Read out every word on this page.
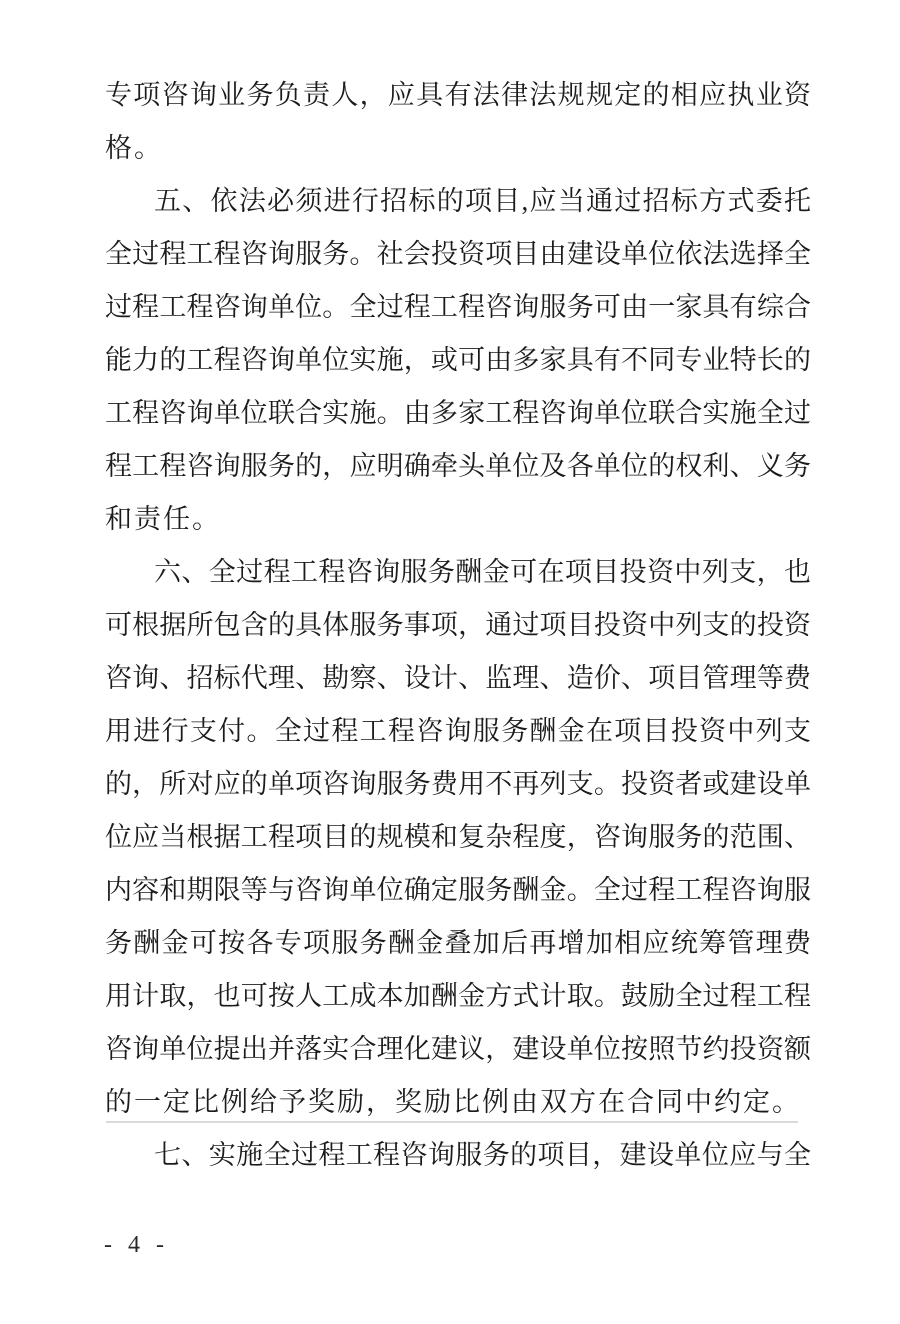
专项咨询业务负责人，应具有法律法规规定的相应执业资
格。
五、依法必须进行招标的项目,应当通过招标方式委托
全过程工程咨询服务。社会投资项目由建设单位依法选择全
过程工程咨询单位。全过程工程咨询服务可由一家具有综合
能力的工程咨询单位实施，或可由多家具有不同专业特长的
工程咨询单位联合实施。由多家工程咨询单位联合实施全过
程工程咨询服务的，应明确牵头单位及各单位的权利、义务
和责任。
六、全过程工程咨询服务酬金可在项目投资中列支，也
可根据所包含的具体服务事项，通过项目投资中列支的投资
咨询、招标代理、勘察、设计、监理、造价、项目管理等费
用进行支付。全过程工程咨询服务酬金在项目投资中列支
的，所对应的单项咨询服务费用不再列支。投资者或建设单
位应当根据工程项目的规模和复杂程度，咨询服务的范围、
内容和期限等与咨询单位确定服务酬金。全过程工程咨询服
务酬金可按各专项服务酬金叠加后再增加相应统筹管理费
用计取，也可按人工成本加酬金方式计取。鼓励全过程工程
咨询单位提出并落实合理化建议，建设单位按照节约投资额
的一定比例给予奖励，奖励比例由双方在合同中约定。
七、实施全过程工程咨询服务的项目，建设单位应与全
- 4 -
